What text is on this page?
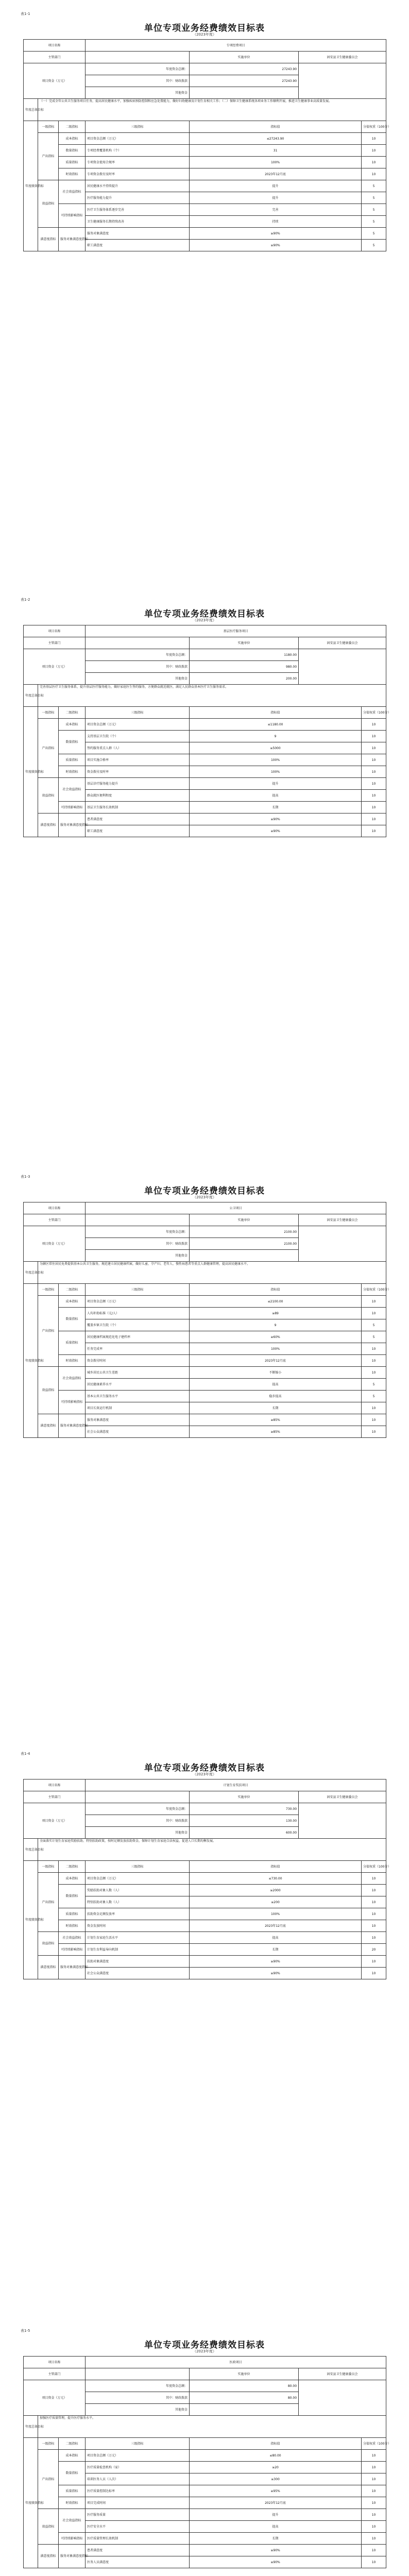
表1-1
单位专项业务经费绩效目标表
（2023年度）
项目名称			专项经费项目			
主管部门				实施单位	固安县卫生健康委员会	
项目资金（万元）			年度资金总额：	27243.90		
			其中：财政拨款	27243.90		
			其他资金			
年度总体目标	（一）完成全年公共卫生服务项目任务，提高居民健康水平，加强疾病预防控制和应急处置能力，做好妇幼健康及计划生育相关工作；（二）保障卫生健康系统各项业务工作顺利开展，推进卫生健康事业高质量发展。					
年度绩效指标	一级指标	二级指标	三级指标	指标值		分值权重（100分）
	产出指标	成本指标	项目资金总额（万元）	≤27243.90		10
		数量指标	专项经费覆盖机构（个）	31		10
		质量指标	专项资金使用合规率	100%		10
		时效指标	专项资金拨付及时率	2023年12月底		10
	效益指标	社会效益指标	居民健康水平持续提升	提升		5
			医疗服务能力提升	提升		5
		可持续影响指标	医疗卫生服务体系逐步完善	完善		5
			卫生健康服务长期持续改善	持续		5
	满意度指标	服务对象满意度指标	服务对象满意度	≥90%		5
			职工满意度	≥90%		5
表1-2
单位专项业务经费绩效目标表
（2023年度）
项目名称			基层医疗服务项目			
主管部门				实施单位	固安县卫生健康委员会	
项目资金（万元）			年度资金总额：	1180.00		
			其中：财政拨款	980.00		
			其他资金	200.00		
年度总体目标	完善基层医疗卫生服务体系，提升基层医疗服务能力，做好家庭医生签约服务，方便群众就近就医，满足人民群众基本医疗卫生服务需求。					
年度绩效指标	一级指标	二级指标	三级指标	指标值		分值权重（100分）
	产出指标	成本指标	项目资金总额（万元）	≤1180.00		10
		数量指标	支持基层卫生院（个）	9		10
			签约服务重点人群（人）	≥5000		10
		质量指标	项目实施合格率	100%		10
		时效指标	资金拨付及时率	100%		10
	效益指标	社会效益指标	基层诊疗服务能力提升	提升		10
			群众就医便利程度	提高		10
		可持续影响指标	基层卫生服务长效机制	长期		10
	满意度指标	服务对象满意度指标	患者满意度	≥90%		10
			职工满意度	≥90%		10
表1-3
单位专项业务经费绩效目标表
（2023年度）
项目名称			公卫项目			
主管部门				实施单位	固安县卫生健康委员会	
项目资金（万元）			年度资金总额：	2100.00		
			其中：财政拨款	2100.00		
			其他资金			
年度总体目标	为辖区常住居民免费提供基本公共卫生服务，规范建立居民健康档案，做好儿童、孕产妇、老年人、慢性病患者等重点人群健康管理，提高居民健康水平。					
年度绩效指标	一级指标	二级指标	三级指标	指标值		分值权重（100分）
	产出指标	成本指标	项目资金总额（万元）	≤2100.00		10
		数量指标	人均补助标准（元/人）	≥89		10
			覆盖乡镇卫生院（个）	9		5
		质量指标	居民健康档案规范化电子建档率	≥60%		5
			任务完成率	100%		10
		时效指标	资金拨付时间	2023年12月底		10
	效益指标	社会效益指标	城乡居民公共卫生差距	不断缩小		10
			居民健康素养水平	提高		5
		可持续影响指标	基本公共卫生服务水平	稳步提高		5
			项目长效运行机制	长期		10
	满意度指标	服务对象满意度指标	服务对象满意度	≥85%		10
			社会公众满意度	≥85%		10
表1-4
单位专项业务经费绩效目标表
（2023年度）
项目名称			计划生育奖扶项目			
主管部门				实施单位	固安县卫生健康委员会	
项目资金（万元）			年度资金总额：	730.00		
			其中：财政拨款	130.00		
			其他资金	600.00		
年度总体目标	全面落实计划生育家庭奖励扶助、特别扶助政策，按时足额发放扶助资金，保障计划生育家庭合法权益，促进人口长期均衡发展。					
年度绩效指标	一级指标	二级指标	三级指标	指标值		分值权重（100分）
	产出指标	成本指标	项目资金总额（万元）	≤730.00		10
		数量指标	奖励扶助对象人数（人）	≥2000		10
			特别扶助对象人数（人）	≥200		10
		质量指标	扶助资金足额发放率	100%		10
		时效指标	资金发放时间	2023年12月底		10
	效益指标	社会效益指标	计划生育家庭生活水平	提高		10
		可持续影响指标	计划生育利益导向机制	长期		20
	满意度指标	服务对象满意度指标	扶助对象满意度	≥90%		10
			社会公众满意度	≥90%		10
表1-5
单位专项业务经费绩效目标表
（2023年度）
项目名称			医政项目			
主管部门				实施单位	固安县卫生健康委员会	
项目资金（万元）			年度资金总额：	80.00		
			其中：财政拨款	80.00		
			其他资金			
年度总体目标	加强医疗质量管理，提升医疗服务水平。					
年度绩效指标	一级指标	二级指标	三级指标	指标值		分值权重（100分）
	产出指标	成本指标	项目资金总额（万元）	≤80.00		10
		数量指标	医疗质量检查机构（家）	≥20		10
			培训医务人员（人次）	≥300		10
		质量指标	医疗质量控制达标率	≥95%		10
		时效指标	项目完成时间	2023年12月底		10
	效益指标	社会效益指标	医疗服务质量	提升		10
			医疗安全水平	提高		10
		可持续影响指标	医疗质量管理长效机制	长期		10
	满意度指标	服务对象满意度指标	患者满意度	≥90%		10
			医务人员满意度	≥90%		10
